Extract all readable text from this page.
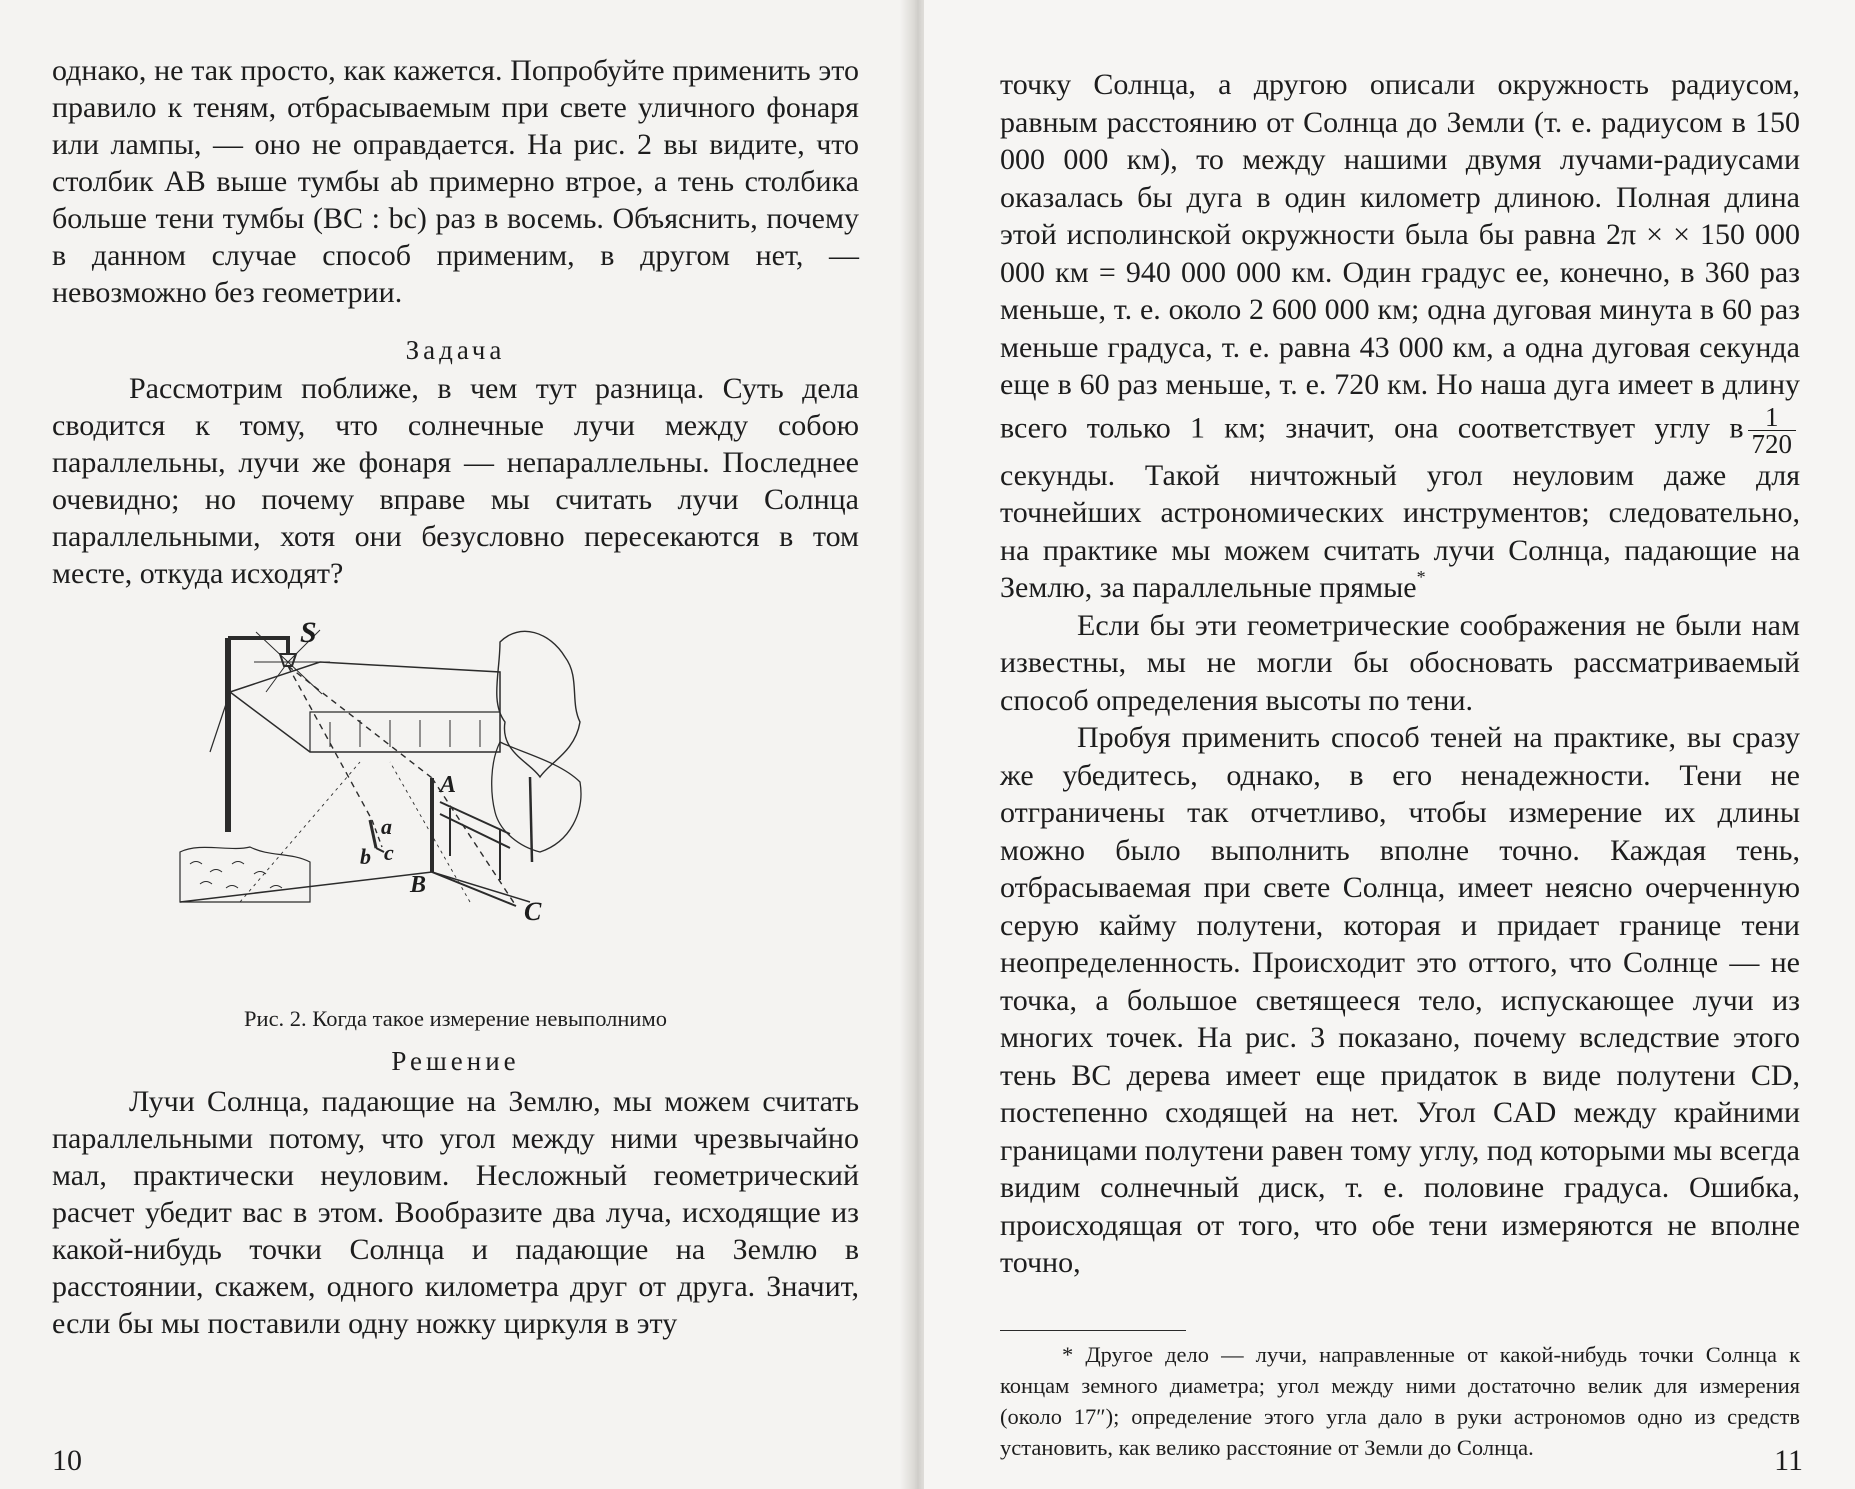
однако, не так просто, как кажется. Попробуйте применить это правило к теням, отбрасываемым при свете уличного фонаря или лампы, — оно не оправдается. На рис. 2 вы видите, что столбик AB выше тумбы ab примерно втрое, а тень столбика больше тени тумбы (BC : bc) раз в восемь. Объяснить, почему в данном случае способ применим, в другом нет, — невозможно без геометрии.

Задача

Рассмотрим поближе, в чем тут разница. Суть дела сводится к тому, что солнечные лучи между собою параллельны, лучи же фонаря — непараллельны. Последнее очевидно; но почему вправе мы считать лучи Солнца параллельными, хотя они безусловно пересекаются в том месте, откуда исходят?

S
A
a
b c
B
C

Рис. 2. Когда такое измерение невыполнимо

Решение

Лучи Солнца, падающие на Землю, мы можем считать параллельными потому, что угол между ними чрезвычайно мал, практически неуловим. Несложный геометрический расчет убедит вас в этом. Вообразите два луча, исходящие из какой-нибудь точки Солнца и падающие на Землю в расстоянии, скажем, одного километра друг от друга. Значит, если бы мы поставили одну ножку циркуля в эту

10

точку Солнца, а другою описали окружность радиусом, равным расстоянию от Солнца до Земли (т. е. радиусом в 150 000 000 км), то между нашими двумя лучами-радиусами оказалась бы дуга в один километр длиною. Полная длина этой исполинской окружности была бы равна 2π × × 150 000 000 км = 940 000 000 км. Один градус ее, конечно, в 360 раз меньше, т. е. около 2 600 000 км; одна дуговая минута в 60 раз меньше градуса, т. е. равна 43 000 км, а одна дуговая секунда еще в 60 раз меньше, т. е. 720 км. Но наша дуга имеет в длину всего только 1 км; значит, она соответствует углу в $\frac{1}{720}$
секунды. Такой ничтожный угол неуловим даже для точнейших астрономических инструментов; следовательно, на практике мы можем считать лучи Солнца, падающие на Землю, за параллельные прямые*

Если бы эти геометрические соображения не были нам известны, мы не могли бы обосновать рассматриваемый способ определения высоты по тени.

Пробуя применить способ теней на практике, вы сразу же убедитесь, однако, в его ненадежности. Тени не отграничены так отчетливо, чтобы измерение их длины можно было выполнить вполне точно. Каждая тень, отбрасываемая при свете Солнца, имеет неясно очерченную серую кайму полутени, которая и придает границе тени неопределенность. Происходит это оттого, что Солнце — не точка, а большое светящееся тело, испускающее лучи из многих точек. На рис. 3 показано, почему вследствие этого тень BC дерева имеет еще придаток в виде полутени CD, постепенно сходящей на нет. Угол CAD между крайними границами полутени равен тому углу, под которыми мы всегда видим солнечный диск, т. е. половине градуса. Ошибка, происходящая от того, что обе тени измеряются не вполне точно,

* Другое дело — лучи, направленные от какой-нибудь точки Солнца к концам земного диаметра; угол между ними достаточно велик для измерения (около 17″); определение этого угла дало в руки астрономов одно из средств установить, как велико расстояние от Земли до Солнца.	11
